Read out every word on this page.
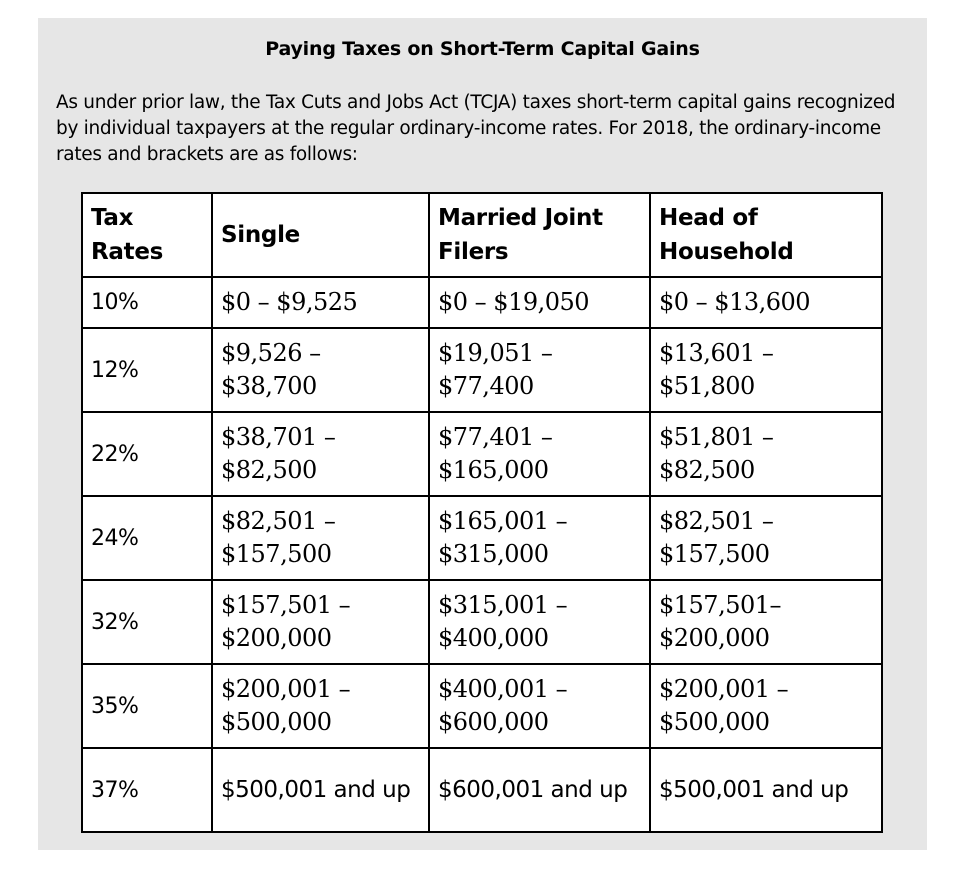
Paying Taxes on Short-Term Capital Gains
As under prior law, the Tax Cuts and Jobs Act (TCJA) taxes short-term capital gains recognized by individual taxpayers at the regular ordinary-income rates. For 2018, the ordinary-income rates and brackets are as follows:
Tax Rates	Single	Married Joint Filers	Head of Household
10%	$0 – $9,525	$0 – $19,050	$0 – $13,600
12%	$9,526 – $38,700	$19,051 – $77,400	$13,601 – $51,800
22%	$38,701 – $82,500	$77,401 – $165,000	$51,801 – $82,500
24%	$82,501 – $157,500	$165,001 – $315,000	$82,501 – $157,500
32%	$157,501 – $200,000	$315,001 – $400,000	$157,501– $200,000
35%	$200,001 – $500,000	$400,001 – $600,000	$200,001 – $500,000
37%	$500,001 and up	$600,001 and up	$500,001 and up
